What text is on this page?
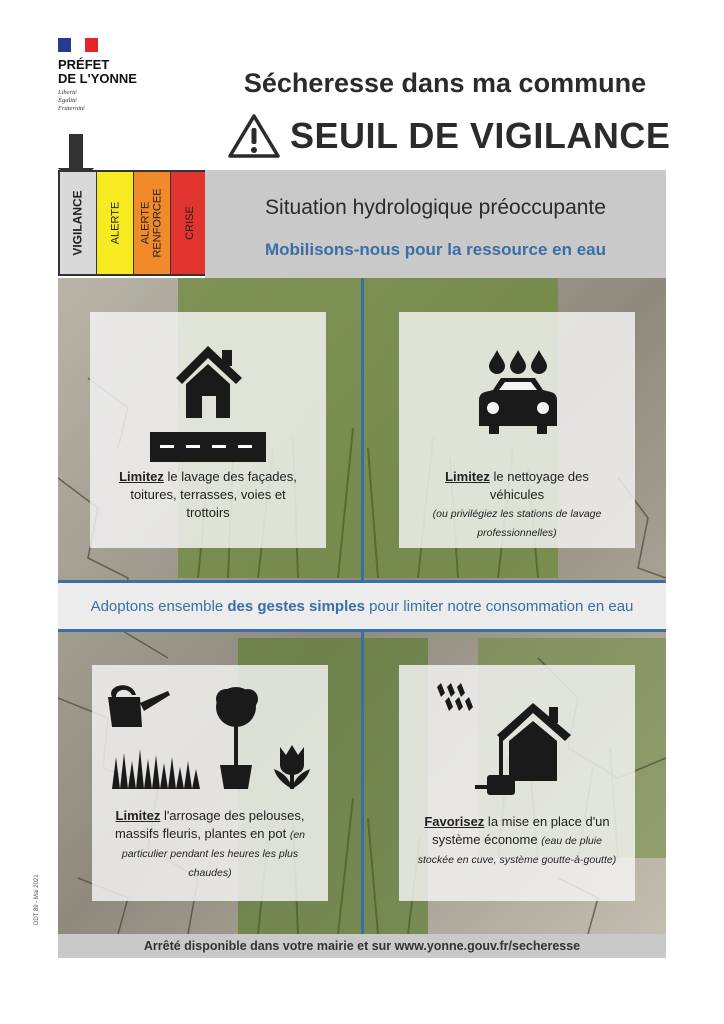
PRÉFET
DE L'YONNE
Liberté
Égalité
Fraternité
Sécheresse dans ma commune
SEUIL DE VIGILANCE
VIGILANCE ALERTE ALERTE RENFORCEE CRISE	Situation hydrologique préoccupante
Mobilisons-nous pour la ressource en eau
Adoptons ensemble des gestes simples pour limiter notre consommation en eau
Limitez le lavage des façades, toitures, terrasses, voies et trottoirs
Limitez le nettoyage des véhicules
(ou privilégiez les stations de lavage professionnelles)
Limitez l'arrosage des pelouses, massifs fleuris, plantes en pot (en particulier pendant les heures les plus chaudes)
Favorisez la mise en place d'un système économe (eau de pluie stockée en cuve, système goutte-à-goutte)
Arrêté disponible dans votre mairie et sur www.yonne.gouv.fr/secheresse
DDT 89 - Mai 2021
